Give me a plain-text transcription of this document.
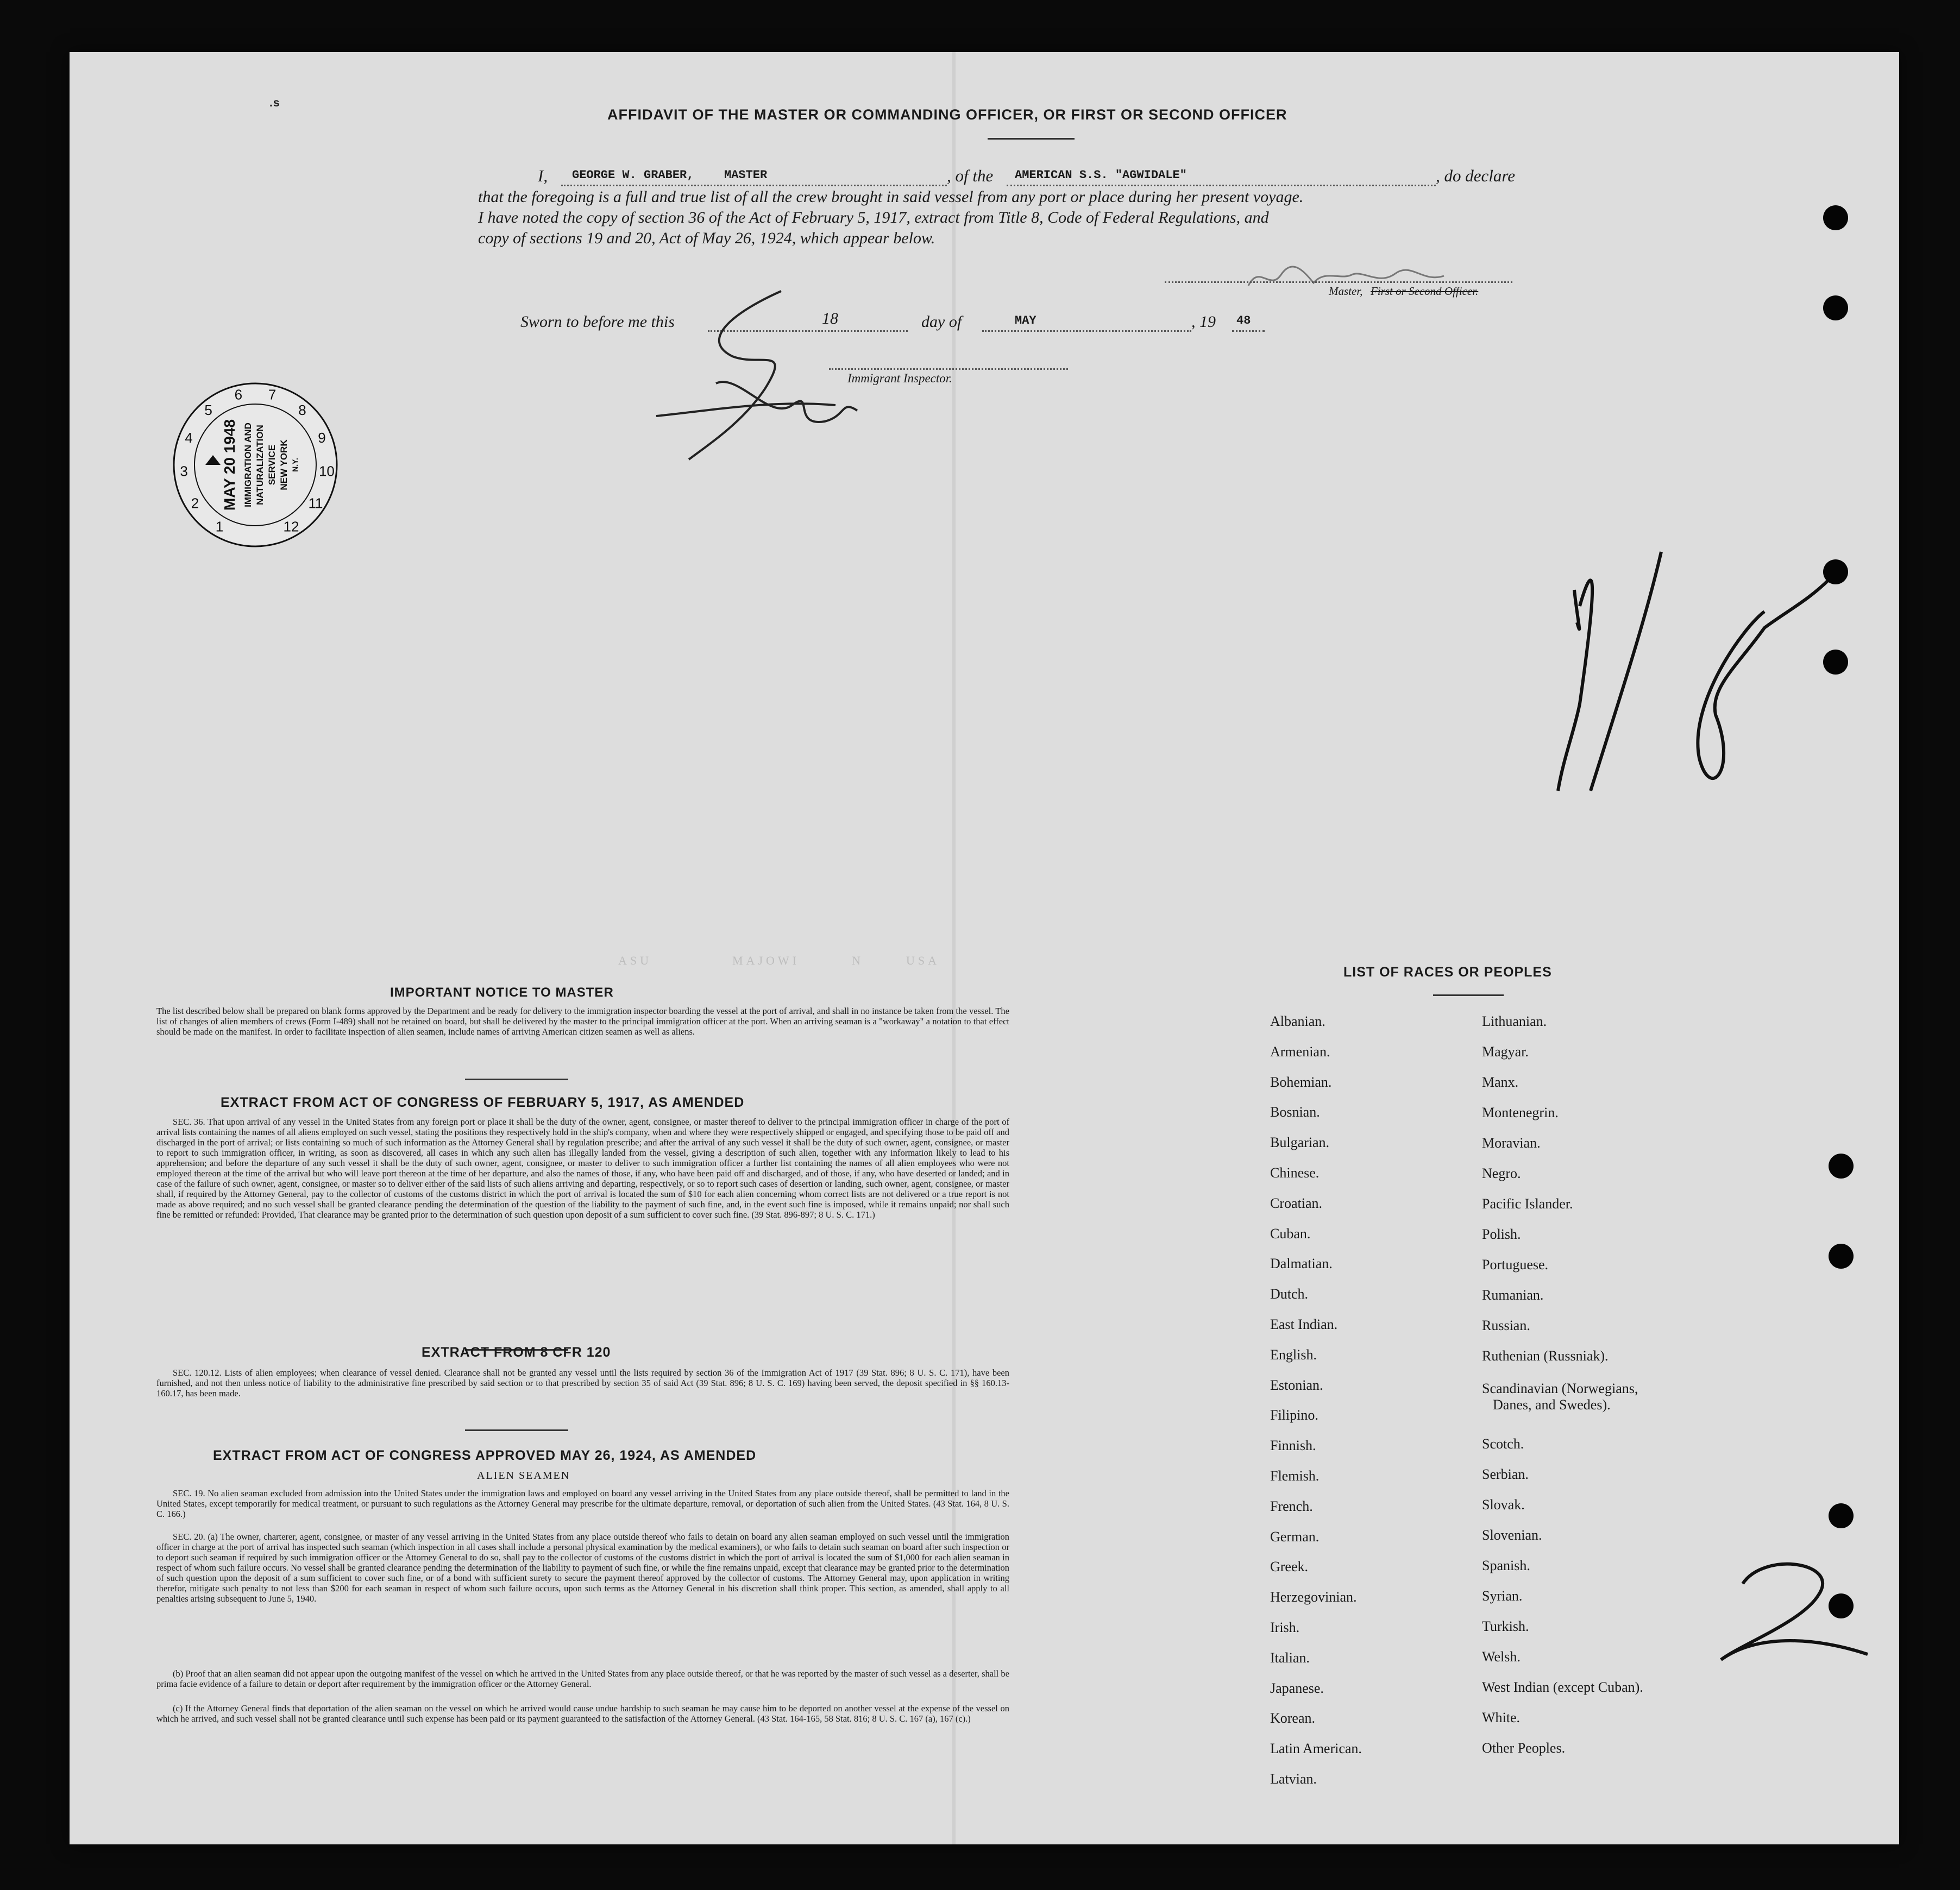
.s
AFFIDAVIT OF THE MASTER OR COMMANDING OFFICER, OR FIRST OR SECOND OFFICER
I, GEORGE W. GRABER,	MASTER	, of the AMERICAN S.S. "AGWIDALE"	, do declare
that the foregoing is a full and true list of all the crew brought in said vessel from any port or place during her present voyage.
I have noted the copy of section 36 of the Act of February 5, 1917, extract from Title 8, Code of Federal Regulations, and
copy of sections 19 and 20, Act of May 26, 1924, which appear below.
Master, First or Second Officer.
Sworn to before me this	18	day of	MAY	, 19 48
Immigrant Inspector.
1
2
3
4
5
6 7
8
9
10
11
12
MAY 20 1948 IMMIGRATION AND NATURALIZATION SERVICE NEW YORK N.Y.
ASU	MAJOWI	N	USA
IMPORTANT NOTICE TO MASTER
The list described below shall be prepared on blank forms approved by the Department and be ready for delivery to the immigration inspector boarding the vessel at the port of arrival, and shall in no instance be taken from the vessel. The list of changes of alien members of crews (Form I-489) shall not be retained on board, but shall be delivered by the master to the principal immigration officer at the port. When an arriving seaman is a "workaway" a notation to that effect should be made on the manifest. In order to facilitate inspection of alien seamen, include names of arriving American citizen seamen as well as aliens.
EXTRACT FROM ACT OF CONGRESS OF FEBRUARY 5, 1917, AS AMENDED
SEC. 36. That upon arrival of any vessel in the United States from any foreign port or place it shall be the duty of the owner, agent, consignee, or master thereof to deliver to the principal immigration officer in charge of the port of arrival lists containing the names of all aliens employed on such vessel, stating the positions they respectively hold in the ship's company, when and where they were respectively shipped or engaged, and specifying those to be paid off and discharged in the port of arrival; or lists containing so much of such information as the Attorney General shall by regulation prescribe; and after the arrival of any such vessel it shall be the duty of such owner, agent, consignee, or master to report to such immigration officer, in writing, as soon as discovered, all cases in which any such alien has illegally landed from the vessel, giving a description of such alien, together with any information likely to lead to his apprehension; and before the departure of any such vessel it shall be the duty of such owner, agent, consignee, or master to deliver to such immigration officer a further list containing the names of all alien employees who were not employed thereon at the time of the arrival but who will leave port thereon at the time of her departure, and also the names of those, if any, who have been paid off and discharged, and of those, if any, who have deserted or landed; and in case of the failure of such owner, agent, consignee, or master so to deliver either of the said lists of such aliens arriving and departing, respectively, or so to report such cases of desertion or landing, such owner, agent, consignee, or master shall, if required by the Attorney General, pay to the collector of customs of the customs district in which the port of arrival is located the sum of $10 for each alien concerning whom correct lists are not delivered or a true report is not made as above required; and no such vessel shall be granted clearance pending the determination of the question of the liability to the payment of such fine, and, in the event such fine is imposed, while it remains unpaid; nor shall such fine be remitted or refunded: Provided, That clearance may be granted prior to the determination of such question upon deposit of a sum sufficient to cover such fine. (39 Stat. 896-897; 8 U. S. C. 171.)
EXTRACT FROM 8 CFR 120
SEC. 120.12. Lists of alien employees; when clearance of vessel denied. Clearance shall not be granted any vessel until the lists required by section 36 of the Immigration Act of 1917 (39 Stat. 896; 8 U. S. C. 171), have been furnished, and not then unless notice of liability to the administrative fine prescribed by said section or to that prescribed by section 35 of said Act (39 Stat. 896; 8 U. S. C. 169) having been served, the deposit specified in §§ 160.13-160.17, has been made.
EXTRACT FROM ACT OF CONGRESS APPROVED MAY 26, 1924, AS AMENDED
ALIEN SEAMEN
SEC. 19. No alien seaman excluded from admission into the United States under the immigration laws and employed on board any vessel arriving in the United States from any place outside thereof, shall be permitted to land in the United States, except temporarily for medical treatment, or pursuant to such regulations as the Attorney General may prescribe for the ultimate departure, removal, or deportation of such alien from the United States. (43 Stat. 164, 8 U. S. C. 166.)
SEC. 20. (a) The owner, charterer, agent, consignee, or master of any vessel arriving in the United States from any place outside thereof who fails to detain on board any alien seaman employed on such vessel until the immigration officer in charge at the port of arrival has inspected such seaman (which inspection in all cases shall include a personal physical examination by the medical examiners), or who fails to detain such seaman on board after such inspection or to deport such seaman if required by such immigration officer or the Attorney General to do so, shall pay to the collector of customs of the customs district in which the port of arrival is located the sum of $1,000 for each alien seaman in respect of whom such failure occurs. No vessel shall be granted clearance pending the determination of the liability to payment of such fine, or while the fine remains unpaid, except that clearance may be granted prior to the determination of such question upon the deposit of a sum sufficient to cover such fine, or of a bond with sufficient surety to secure the payment thereof approved by the collector of customs. The Attorney General may, upon application in writing therefor, mitigate such penalty to not less than $200 for each seaman in respect of whom such failure occurs, upon such terms as the Attorney General in his discretion shall think proper. This section, as amended, shall apply to all penalties arising subsequent to June 5, 1940.
(b) Proof that an alien seaman did not appear upon the outgoing manifest of the vessel on which he arrived in the United States from any place outside thereof, or that he was reported by the master of such vessel as a deserter, shall be prima facie evidence of a failure to detain or deport after requirement by the immigration officer or the Attorney General.
(c) If the Attorney General finds that deportation of the alien seaman on the vessel on which he arrived would cause undue hardship to such seaman he may cause him to be deported on another vessel at the expense of the vessel on which he arrived, and such vessel shall not be granted clearance until such expense has been paid or its payment guaranteed to the satisfaction of the Attorney General. (43 Stat. 164-165, 58 Stat. 816; 8 U. S. C. 167 (a), 167 (c).)
LIST OF RACES OR PEOPLES
Albanian.
Armenian.
Bohemian.
Bosnian.
Bulgarian.
Chinese.
Croatian.
Cuban.
Dalmatian.
Dutch.
East Indian.
English.
Estonian.
Filipino.
Finnish.
Flemish.
French.
German.
Greek.
Herzegovinian.
Irish.
Italian.
Japanese.
Korean.
Latin American.
Latvian.
Lithuanian.
Magyar.
Manx.
Montenegrin.
Moravian.
Negro.
Pacific Islander.
Polish.
Portuguese.
Rumanian.
Russian.
Ruthenian (Russniak).
Scandinavian (Norwegians,
Danes, and Swedes).
Scotch.
Serbian.
Slovak.
Slovenian.
Spanish.
Syrian.
Turkish.
Welsh.
West Indian (except Cuban).
White.
Other Peoples.
